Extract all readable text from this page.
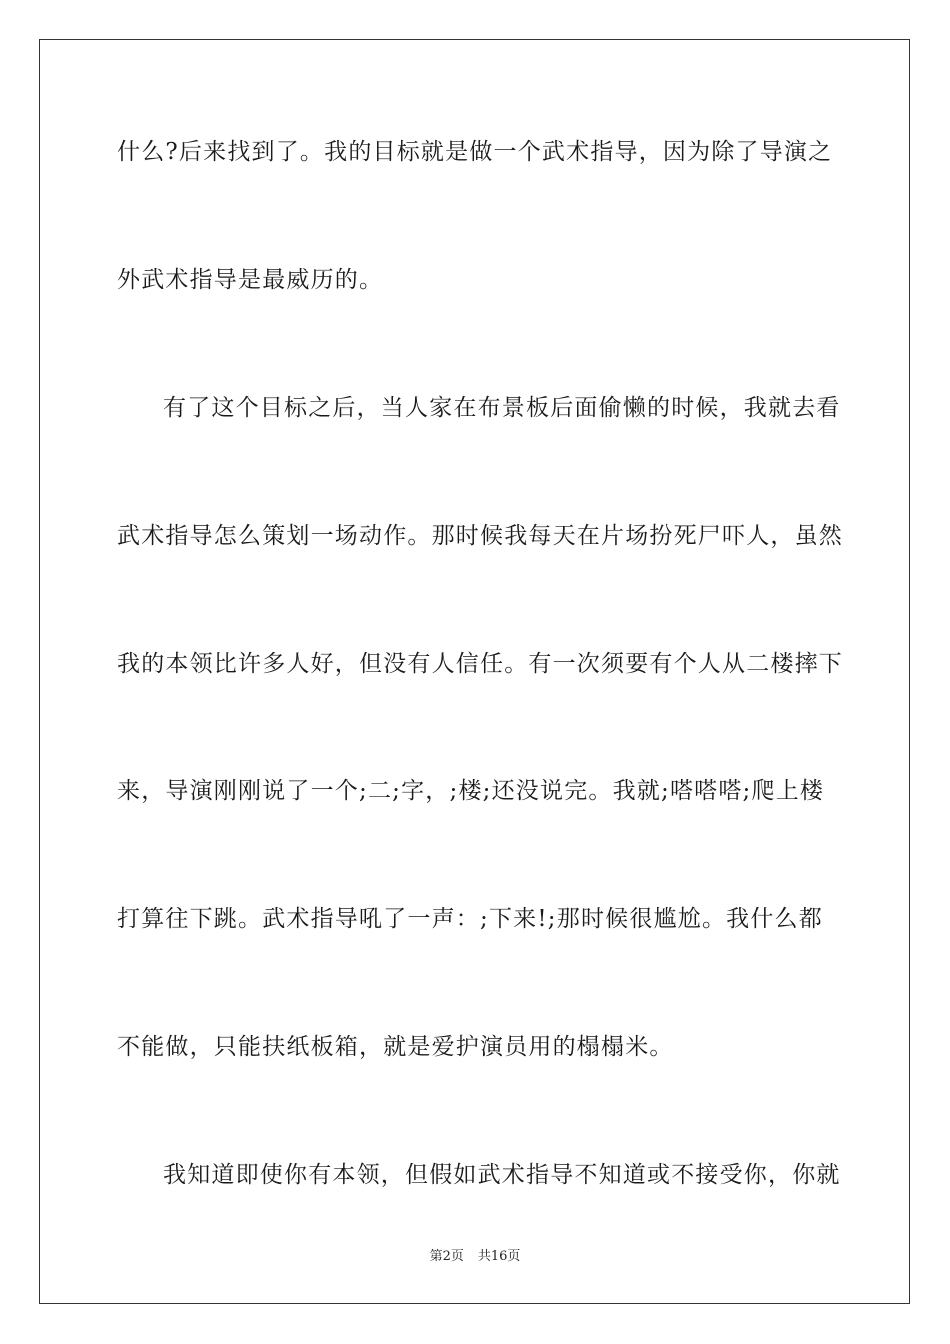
什么?后来找到了。我的目标就是做一个武术指导，因为除了导演之
外武术指导是最威历的。
有了这个目标之后，当人家在布景板后面偷懒的时候，我就去看
武术指导怎么策划一场动作。那时候我每天在片场扮死尸吓人，虽然
我的本领比许多人好，但没有人信任。有一次须要有个人从二楼摔下
来，导演刚刚说了一个;二;字，;楼;还没说完。我就;嗒嗒嗒;爬上楼
打算往下跳。武术指导吼了一声：;下来!;那时候很尴尬。我什么都
不能做，只能扶纸板箱，就是爱护演员用的榻榻米。
我知道即使你有本领，但假如武术指导不知道或不接受你，你就
第2页 共16页
